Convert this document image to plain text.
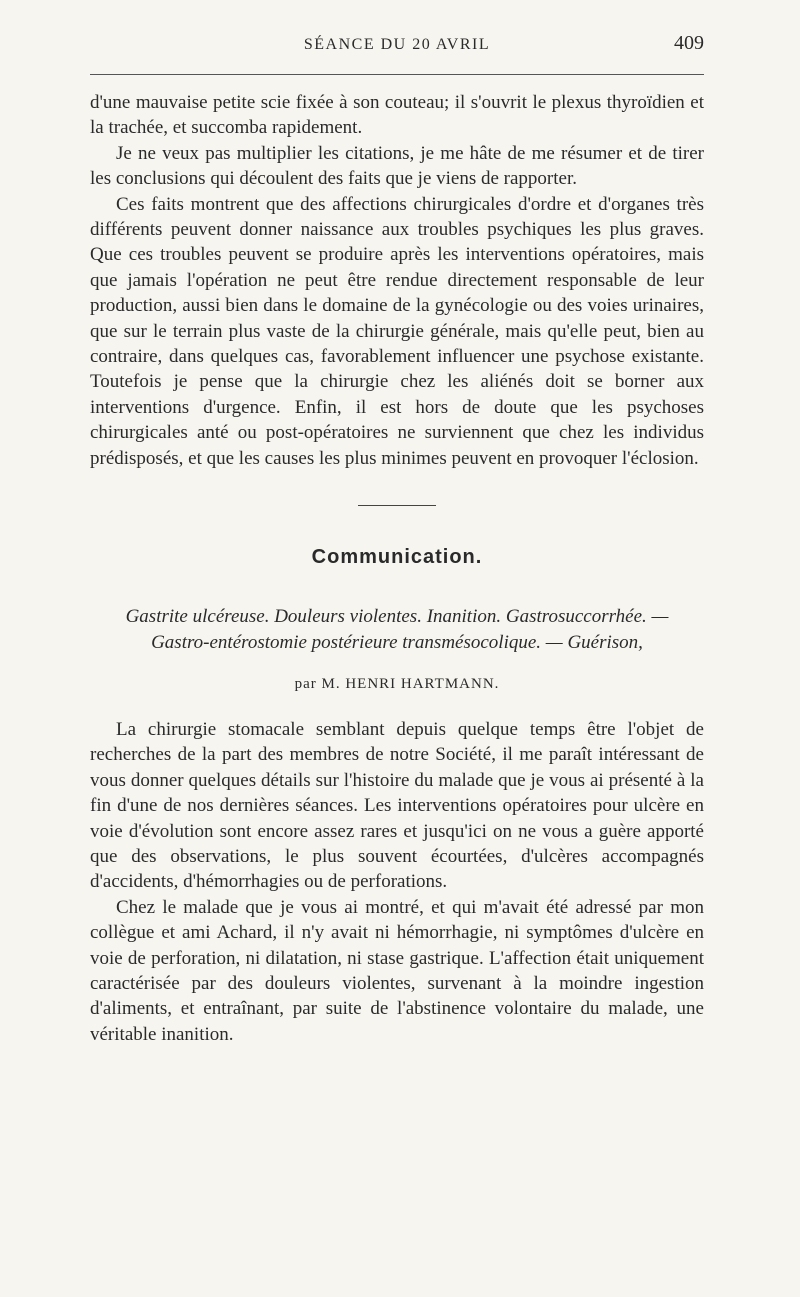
SÉANCE DU 20 AVRIL	409

d'une mauvaise petite scie fixée à son couteau; il s'ouvrit le plexus thyroïdien et la trachée, et succomba rapidement.

Je ne veux pas multiplier les citations, je me hâte de me résumer et de tirer les conclusions qui découlent des faits que je viens de rapporter.

Ces faits montrent que des affections chirurgicales d'ordre et d'organes très différents peuvent donner naissance aux troubles psychiques les plus graves. Que ces troubles peuvent se produire après les interventions opératoires, mais que jamais l'opération ne peut être rendue directement responsable de leur production, aussi bien dans le domaine de la gynécologie ou des voies urinaires, que sur le terrain plus vaste de la chirurgie générale, mais qu'elle peut, bien au contraire, dans quelques cas, favorablement influencer une psychose existante. Toutefois je pense que la chirurgie chez les aliénés doit se borner aux interventions d'urgence. Enfin, il est hors de doute que les psychoses chirurgicales anté ou post-opératoires ne surviennent que chez les individus prédisposés, et que les causes les plus minimes peuvent en provoquer l'éclosion.

Communication.
Gastrite ulcéreuse. Douleurs violentes. Inanition. Gastrosuccorrhée. —
Gastro-entérostomie postérieure transmésocolique. — Guérison,
par M. HENRI HARTMANN.

La chirurgie stomacale semblant depuis quelque temps être l'objet de recherches de la part des membres de notre Société, il me paraît intéressant de vous donner quelques détails sur l'histoire du malade que je vous ai présenté à la fin d'une de nos dernières séances. Les interventions opératoires pour ulcère en voie d'évolution sont encore assez rares et jusqu'ici on ne vous a guère apporté que des observations, le plus souvent écourtées, d'ulcères accompagnés d'accidents, d'hémorrhagies ou de perforations.

Chez le malade que je vous ai montré, et qui m'avait été adressé par mon collègue et ami Achard, il n'y avait ni hémorrhagie, ni symptômes d'ulcère en voie de perforation, ni dilatation, ni stase gastrique. L'affection était uniquement caractérisée par des douleurs violentes, survenant à la moindre ingestion d'aliments, et entraînant, par suite de l'abstinence volontaire du malade, une véritable inanition.
